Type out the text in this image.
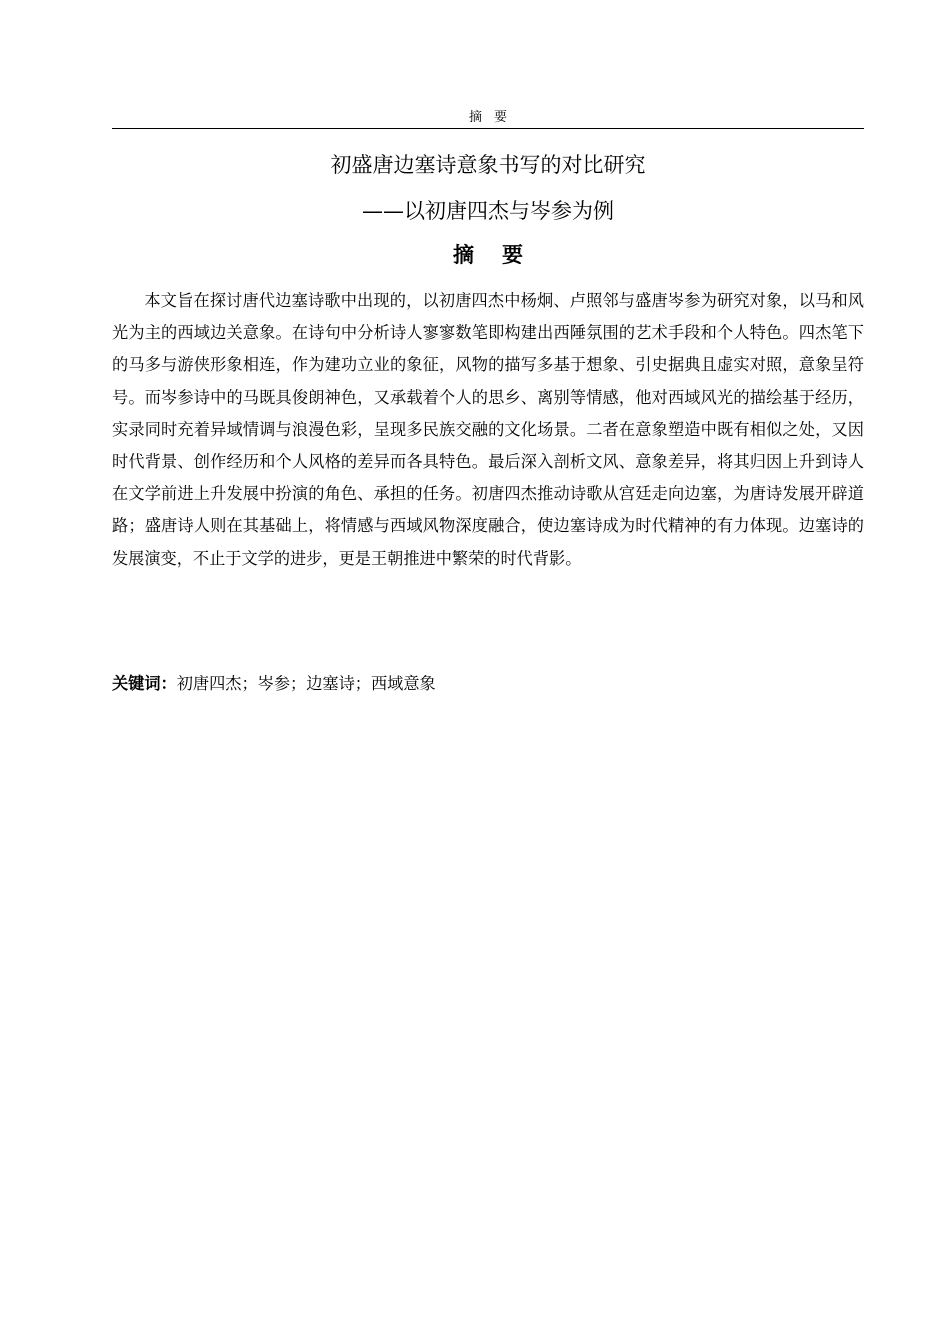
摘要
初盛唐边塞诗意象书写的对比研究
——以初唐四杰与岑参为例
摘要

本文旨在探讨唐代边塞诗歌中出现的，以初唐四杰中杨炯、卢照邻与盛唐岑参为研究对象，以马和风光为主的西域边关意象。在诗句中分析诗人寥寥数笔即构建出西陲氛围的艺术手段和个人特色。四杰笔下的马多与游侠形象相连，作为建功立业的象征，风物的描写多基于想象、引史据典且虚实对照，意象呈符号。而岑参诗中的马既具俊朗神色，又承载着个人的思乡、离别等情感，他对西域风光的描绘基于经历，实录同时充着异域情调与浪漫色彩，呈现多民族交融的文化场景。二者在意象塑造中既有相似之处，又因时代背景、创作经历和个人风格的差异而各具特色。最后深入剖析文风、意象差异，将其归因上升到诗人在文学前进上升发展中扮演的角色、承担的任务。初唐四杰推动诗歌从宫廷走向边塞，为唐诗发展开辟道路；盛唐诗人则在其基础上，将情感与西域风物深度融合，使边塞诗成为时代精神的有力体现。边塞诗的发展演变，不止于文学的进步，更是王朝推进中繁荣的时代背影。

关键词：初唐四杰；岑参；边塞诗；西域意象
